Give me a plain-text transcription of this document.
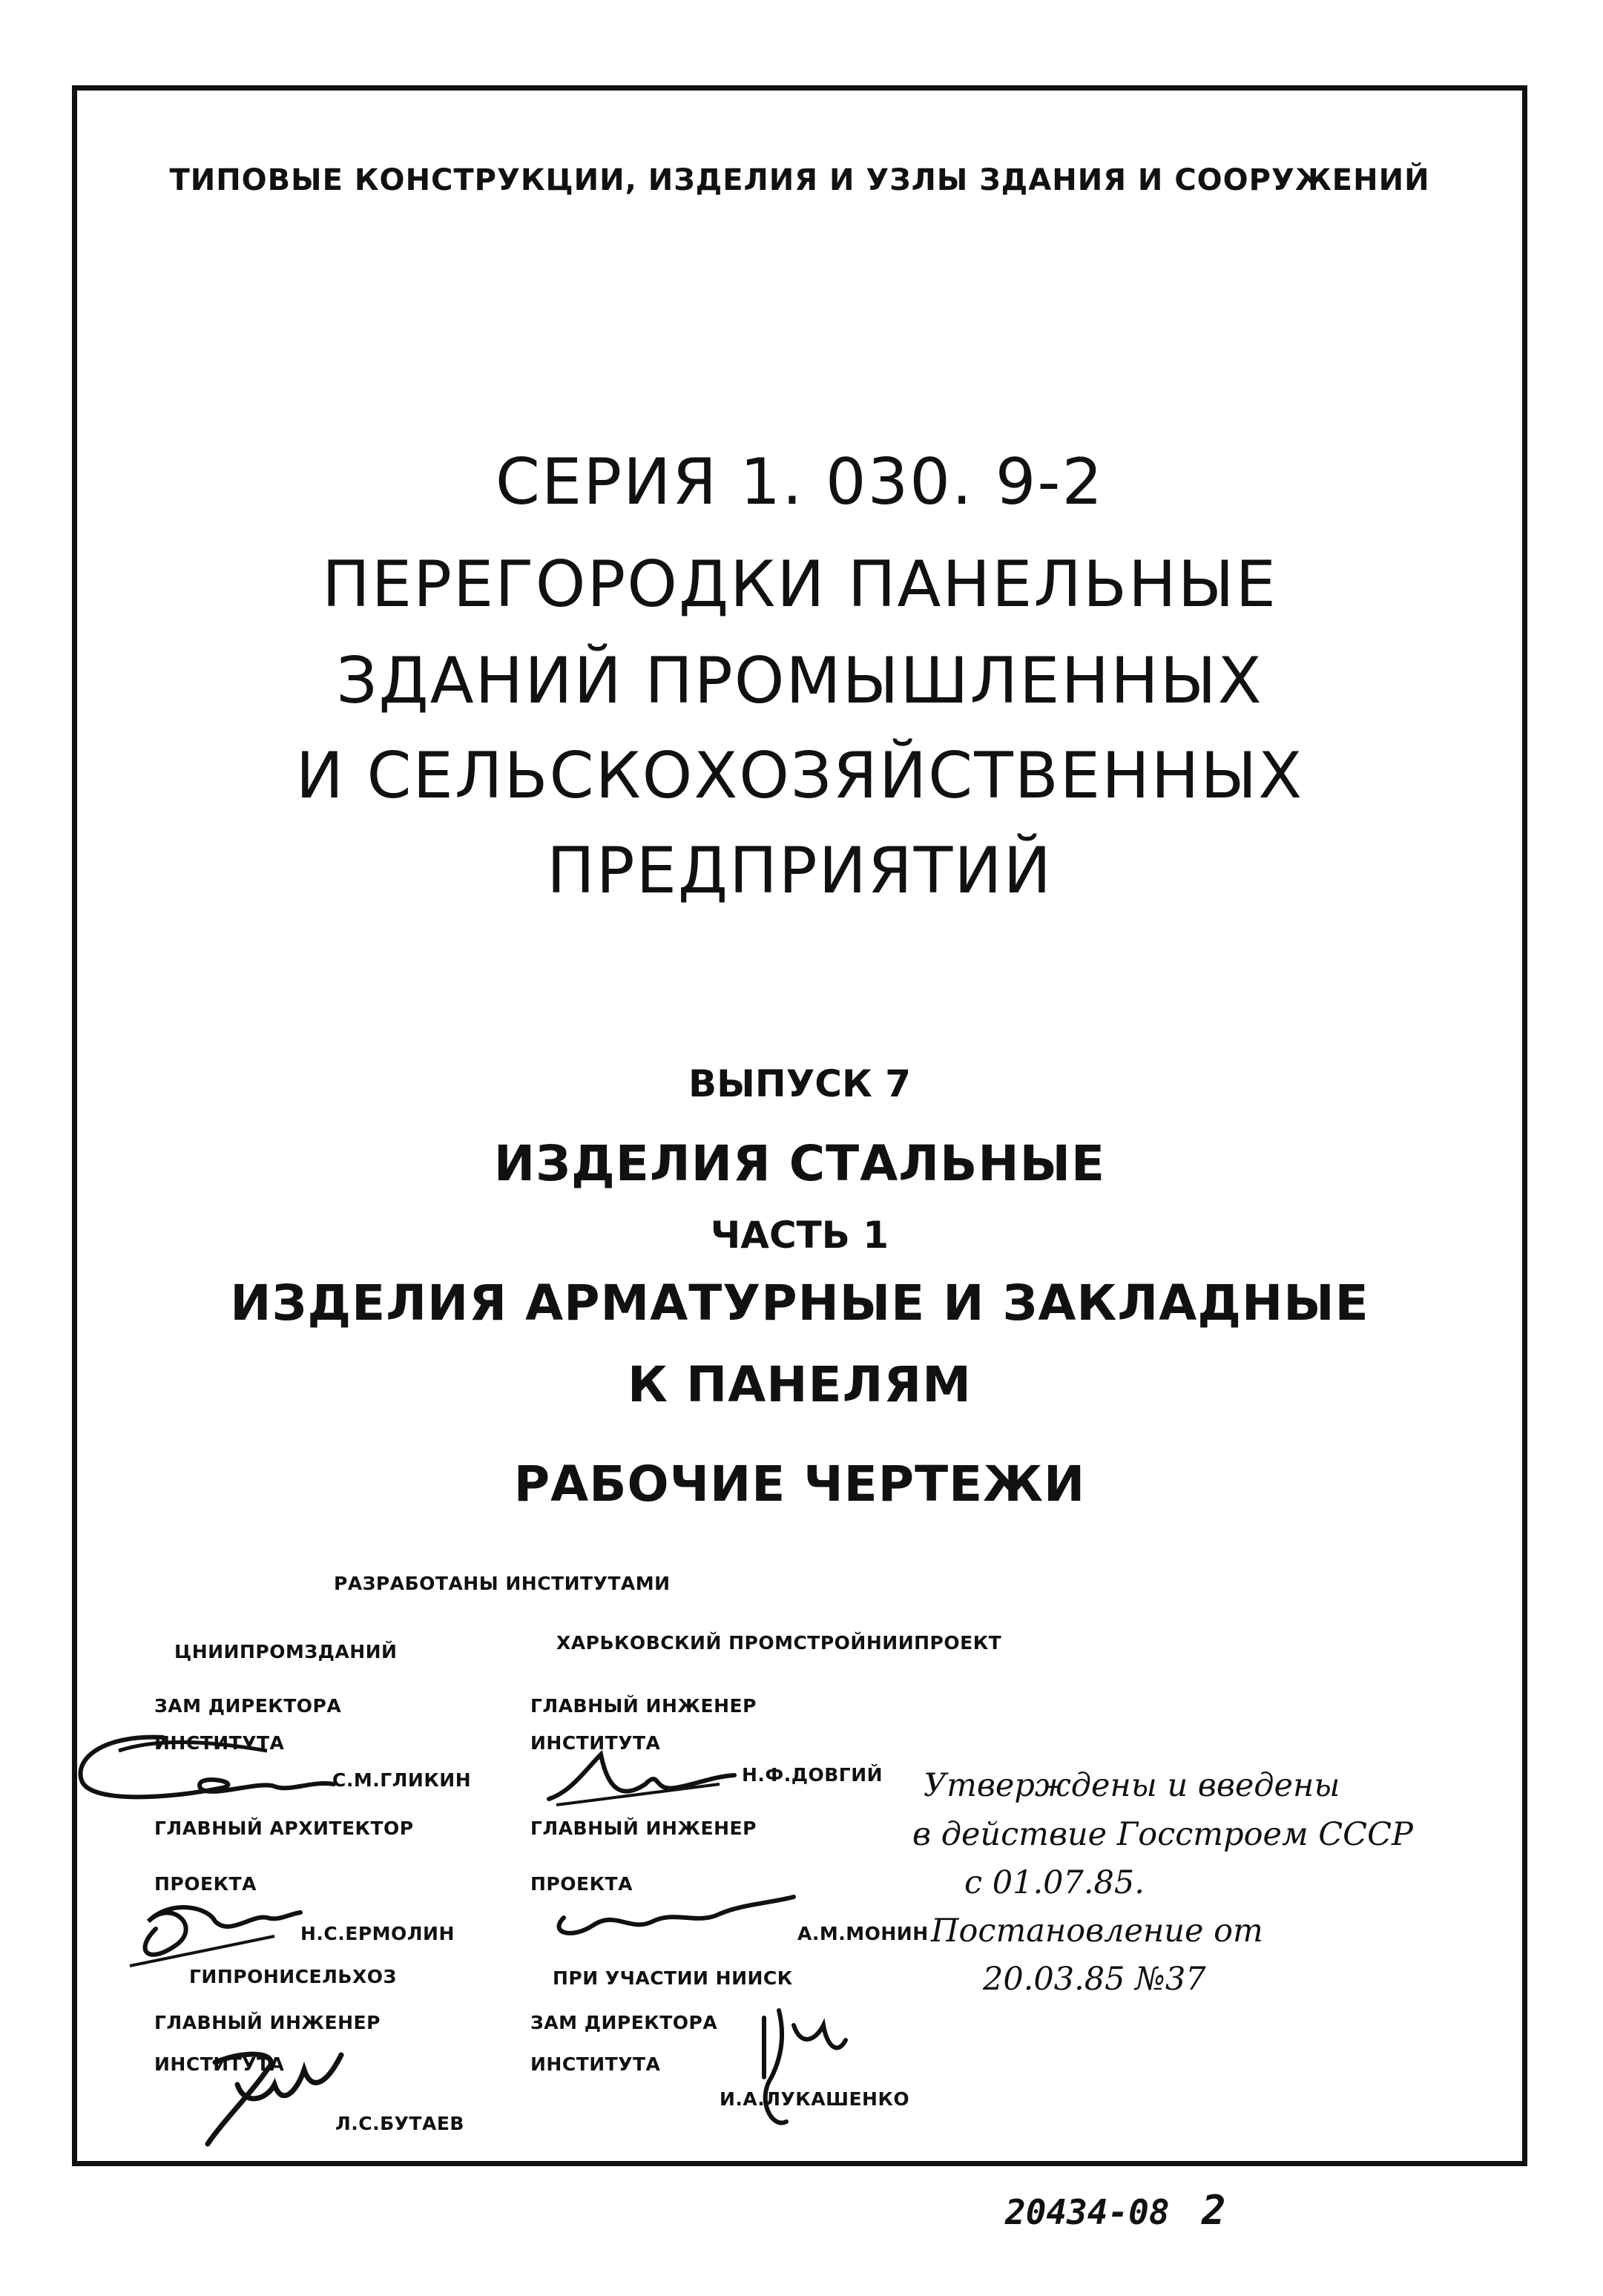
ТИПОВЫЕ КОНСТРУКЦИИ, ИЗДЕЛИЯ И УЗЛЫ ЗДАНИЯ И СООРУЖЕНИЙ
СЕРИЯ 1. 030. 9-2
ПЕРЕГОРОДКИ ПАНЕЛЬНЫЕ
ЗДАНИЙ ПРОМЫШЛЕННЫХ
И СЕЛЬСКОХОЗЯЙСТВЕННЫХ
ПРЕДПРИЯТИЙ
ВЫПУСК 7
ИЗДЕЛИЯ СТАЛЬНЫЕ
ЧАСТЬ 1
ИЗДЕЛИЯ АРМАТУРНЫЕ И ЗАКЛАДНЫЕ
К ПАНЕЛЯМ
РАБОЧИЕ ЧЕРТЕЖИ
РАЗРАБОТАНЫ ИНСТИТУТАМИ
ЦНИИПРОМЗДАНИЙ
ЗАМ ДИРЕКТОРА
ИНСТИТУТА
С.М.ГЛИКИН
ГЛАВНЫЙ АРХИТЕКТОР
ПРОЕКТА
Н.С.ЕРМОЛИН
ГИПРОНИСЕЛЬХОЗ
ГЛАВНЫЙ ИНЖЕНЕР
ИНСТИТУТА
Л.С.БУТАЕВ
ХАРЬКОВСКИЙ ПРОМСТРОЙНИИПРОЕКТ
ГЛАВНЫЙ ИНЖЕНЕР
ИНСТИТУТА
Н.Ф.ДОВГИЙ
ГЛАВНЫЙ ИНЖЕНЕР
ПРОЕКТА
А.М.МОНИН
ПРИ УЧАСТИИ НИИСК
ЗАМ ДИРЕКТОРА
ИНСТИТУТА
И.А.ЛУКАШЕНКО
Утверждены и введены
в действие Госстроем СССР
с 01.07.85.
Постановление от
20.03.85 №37
20434-08 2
